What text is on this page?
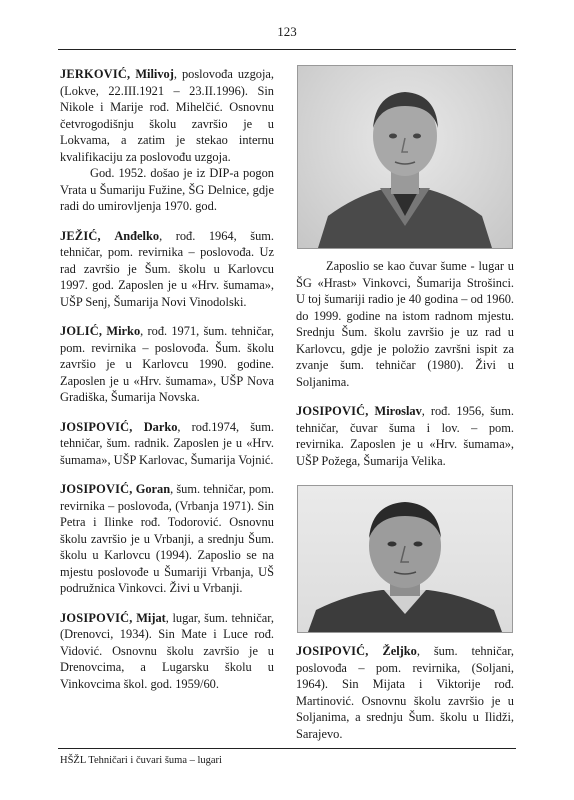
123

JERKOVIĆ, Milivoj, poslovođa uzgoja, (Lokve, 22.III.1921 – 23.II.1996). Sin Nikole i Marije rođ. Mihelčić. Osnovnu četvrogodišnju školu završio je u Lokvama, a zatim je stekao internu kvalifikaciju za poslovođu uzgoja.

God. 1952. došao je iz DIP-a pogon Vrata u Šumariju Fužine, ŠG Delnice, gdje radi do umirovljenja 1970. god.

JEŽIĆ, Anđelko, rođ. 1964, šum. tehničar, pom. revirnika – poslovođa. Uz rad završio je Šum. školu u Karlovcu 1997. god. Zaposlen je u «Hrv. šumama», UŠP Senj, Šumarija Novi Vinodolski.

JOLIĆ, Mirko, rođ. 1971, šum. tehničar, pom. revirnika – poslovođa. Šum. školu završio je u Karlovcu 1990. godine. Zaposlen je u «Hrv. šumama», UŠP Nova Gradiška, Šumarija Novska.

JOSIPOVIĆ, Darko, rođ.1974, šum. tehničar, šum. radnik. Zaposlen je u «Hrv. šumama», UŠP Karlovac, Šumarija Vojnić.

JOSIPOVIĆ, Goran, šum. tehničar, pom. revirnika – poslovođa, (Vrbanja 1971). Sin Petra i Ilinke rođ. Todorović. Osnovnu školu završio je u Vrbanji, a srednju Šum. školu u Karlovcu (1994). Zaposlio se na mjestu poslovođe u Šumariji Vrbanja, UŠ podružnica Vinkovci. Živi u Vrbanji.

JOSIPOVIĆ, Mijat, lugar, šum. tehničar, (Drenovci, 1934). Sin Mate i Luce rođ. Vidović. Osnovnu školu završio je u Drenovcima, a Lugarsku školu u Vinkovcima škol. god. 1959/60.

Zaposlio se kao čuvar šume - lugar u ŠG «Hrast» Vinkovci, Šumarija Strošinci. U toj šumariji radio je 40 godina – od 1960. do 1999. godine na istom radnom mjestu. Srednju Šum. školu završio je uz rad u Karlovcu, gdje je položio završni ispit za zvanje šum. tehničar (1980). Živi u Soljanima.

JOSIPOVIĆ, Miroslav, rođ. 1956, šum. tehničar, čuvar šuma i lov. – pom. revirnika. Zaposlen je u «Hrv. šumama», UŠP Požega, Šumarija Velika.

JOSIPOVIĆ, Željko, šum. tehničar, poslovođa – pom. revirnika, (Soljani, 1964). Sin Mijata i Viktorije rođ. Martinović. Osnovnu školu završio je u Soljanima, a srednju Šum. školu u Ilidži, Sarajevo.

HŠŽL Tehničari i čuvari šuma – lugari
